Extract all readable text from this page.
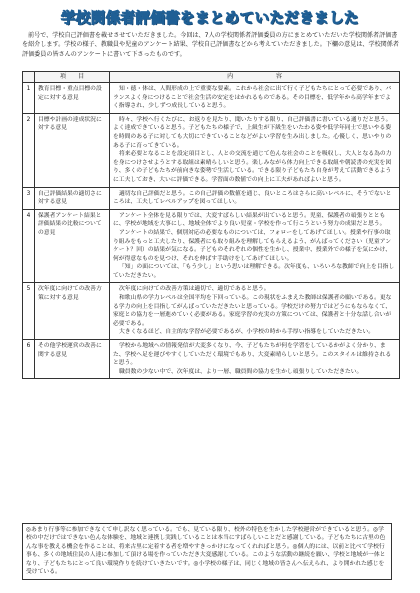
学校関係者評価書をまとめていただきました

前号で、学校自己評価書を載せさせていただきました。今回は、7人の学校関係者評価委員の方にまとめていただいた学校関係者評価書を紹介します。学校の様子、教職員や児童のアンケート結果、学校自己評価書などから考えていただきました。下欄の意見は、学校関係者評価委員の皆さんのアンケートに書いて下さったものです。

	項　　目	内　　　　　　　容
1	教育目標・重点目標の設定に対する意見	知・徳・体は、人間形成の上で重要な要素。これから社会に出て行く子どもたちにとって必要であり、バランスよく身につけることで社会生活の安定をはかれるものである。その目標を、低学年から高学年までよく指導され、少しずつ成長していると思う。

2	目標や計画の達成状況に対する意見	時々、学校へ行くたびに、お返りを見たり、聞いたりする限り、自己評価書に書いている通りだと思う。よく達成できていると思う。子どもたちの様子で、上級生が下級生をいたわる姿や低学年同士で思いやる姿を時間のある子に対しても大切にできていることなどがよい学習を生み出しました。心優しく、思いやりのある子に育ってきている。

将来必要となることを設定項目とし、人との交流を通じて色んな社会のことを吸収し、大人となる為の力を身につけさせようとする取組は素晴らしいと思う。楽しみながら体力向上できる取組や朝読書の充実を図り、多くの子どもたちが前向きな姿勢で生活している。できる限り子どもたち自身が考えて活動できるように工夫しておき、大いに評価できる。学習面の数値での向上に工夫があればよいと思う。

3	自己評価結果の適切さに対する意見	適切な自己評価だと思う。この自己評価の数値を通じ、良いところはさらに高いレベルに、そうでないところは、工夫してレベルアップを図ってほしい。

4	保護者アンケート結果と評価結果の比較についての意見	アンケート全体を見る限りでは、大変すばらしい結果が出ていると思う。児童、保護者の頑張りとともに、学校が地域を大事にし、地域全体でより良い児童・学校を作って行こうという努力の成果だと思う。

アンケートの結果で、個別対応の必要なものについては、フォローをしてあげてほしい。授業や行事の取り組みをもっと工夫したり、保護者にも取り組みを理解してもらえるよう、がんばってください（児童アンケート？回）の結果が気になる。子どものそれぞれの個性を生かし、授業中、授業外での様子を気にかけ、何が得意なものを見つけ、それを伸ばす手助けをしてあげてほしい。

「知」の面については、「もう少し」という思いは理解できる。次年度も、いろいろな教師で向上を目指していただきたい。

5	次年度に向けての改善方策に対する意見	次年度に向けての改善方策は適切で、適切であると思う。

和歌山県の学力レベルは全国平均を下回っている。この現状をふまえた教師は保護者の願いである。更なる学力の向上を目指してがんばっていただきたいと思っている。学校だけの努力ではどうにもならなくて、家庭との協力を一層進めていく必要がある。家庭学習の充実の方策については、保護者と十分な話し合いが必要である。

大きくなるほど、自主的な学習が必要であるが、小学校の時から手厚い指導をしていただきたい。

6	その他学校運営の改善に関する意見	学校から地域への情報発信が大変多くなり、今、子どもたちが何を学習をしているかがよく分かり、また、学校へ足を運びやすくしていただく環境でもあり、大変素晴らしいと思う。このスタイルは維持されると思う。

職員数の少ない中で、次年度は、より一層、職員間の協力を生かし頑張りしていただきたい。

◎あまり行事等に参加できなくて申し訳なく思っている。でも、見ている限り、校外の特色を生かした学校運営ができていると思う。◎学校の中だけではできない色んな体験を、地域と連携し実践していることは本当にすばらしいことだと感謝している。子どもたちに古里の色んな事を教える機会を作ることは、将来古里に定着する者を増やすきっかけになってくれればと思う。◎個人的には、以前と比べて学校行事も、多くの地域住民の人達に参加して頂ける場を作っていただき大変感謝している。このような活動の継続を願い、学校と地域が一体となり、子どもたちにとって良い環境作りを続けていきたいです。◎小学校の様子は、同じく地域の皆さんへ伝えられ、より開かれた感じを受けている。
